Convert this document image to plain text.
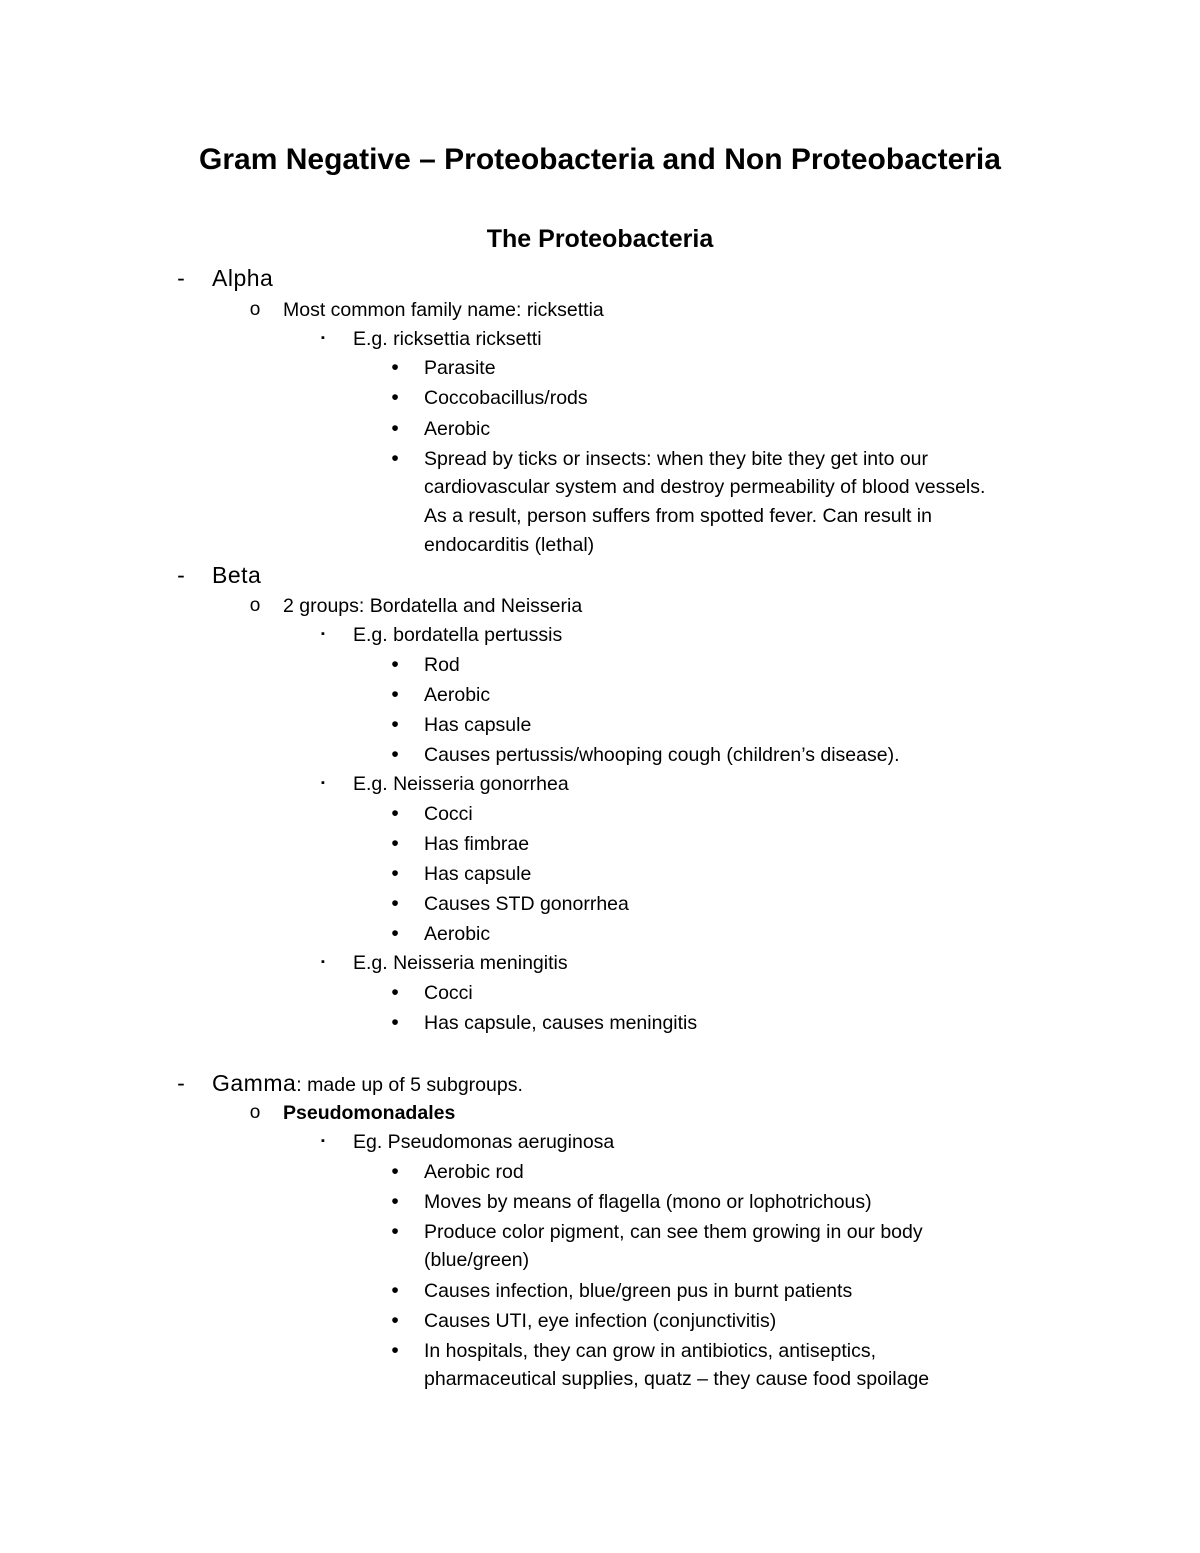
Gram Negative – Proteobacteria and Non Proteobacteria
The Proteobacteria
- Alpha
o Most common family name: ricksettia
▪ E.g. ricksettia ricksetti
• Parasite
• Coccobacillus/rods
• Aerobic
• Spread by ticks or insects: when they bite they get into our
cardiovascular system and destroy permeability of blood vessels.
As a result, person suffers from spotted fever. Can result in
endocarditis (lethal)
- Beta
o 2 groups: Bordatella and Neisseria
▪ E.g. bordatella pertussis
• Rod
• Aerobic
• Has capsule
• Causes pertussis/whooping cough (children’s disease).
▪ E.g. Neisseria gonorrhea
• Cocci
• Has fimbrae
• Has capsule
• Causes STD gonorrhea
• Aerobic
▪ E.g. Neisseria meningitis
• Cocci
• Has capsule, causes meningitis
- Gamma: made up of 5 subgroups.
o Pseudomonadales
▪ Eg. Pseudomonas aeruginosa
• Aerobic rod
• Moves by means of flagella (mono or lophotrichous)
• Produce color pigment, can see them growing in our body
(blue/green)
• Causes infection, blue/green pus in burnt patients
• Causes UTI, eye infection (conjunctivitis)
• In hospitals, they can grow in antibiotics, antiseptics,
pharmaceutical supplies, quatz – they cause food spoilage
